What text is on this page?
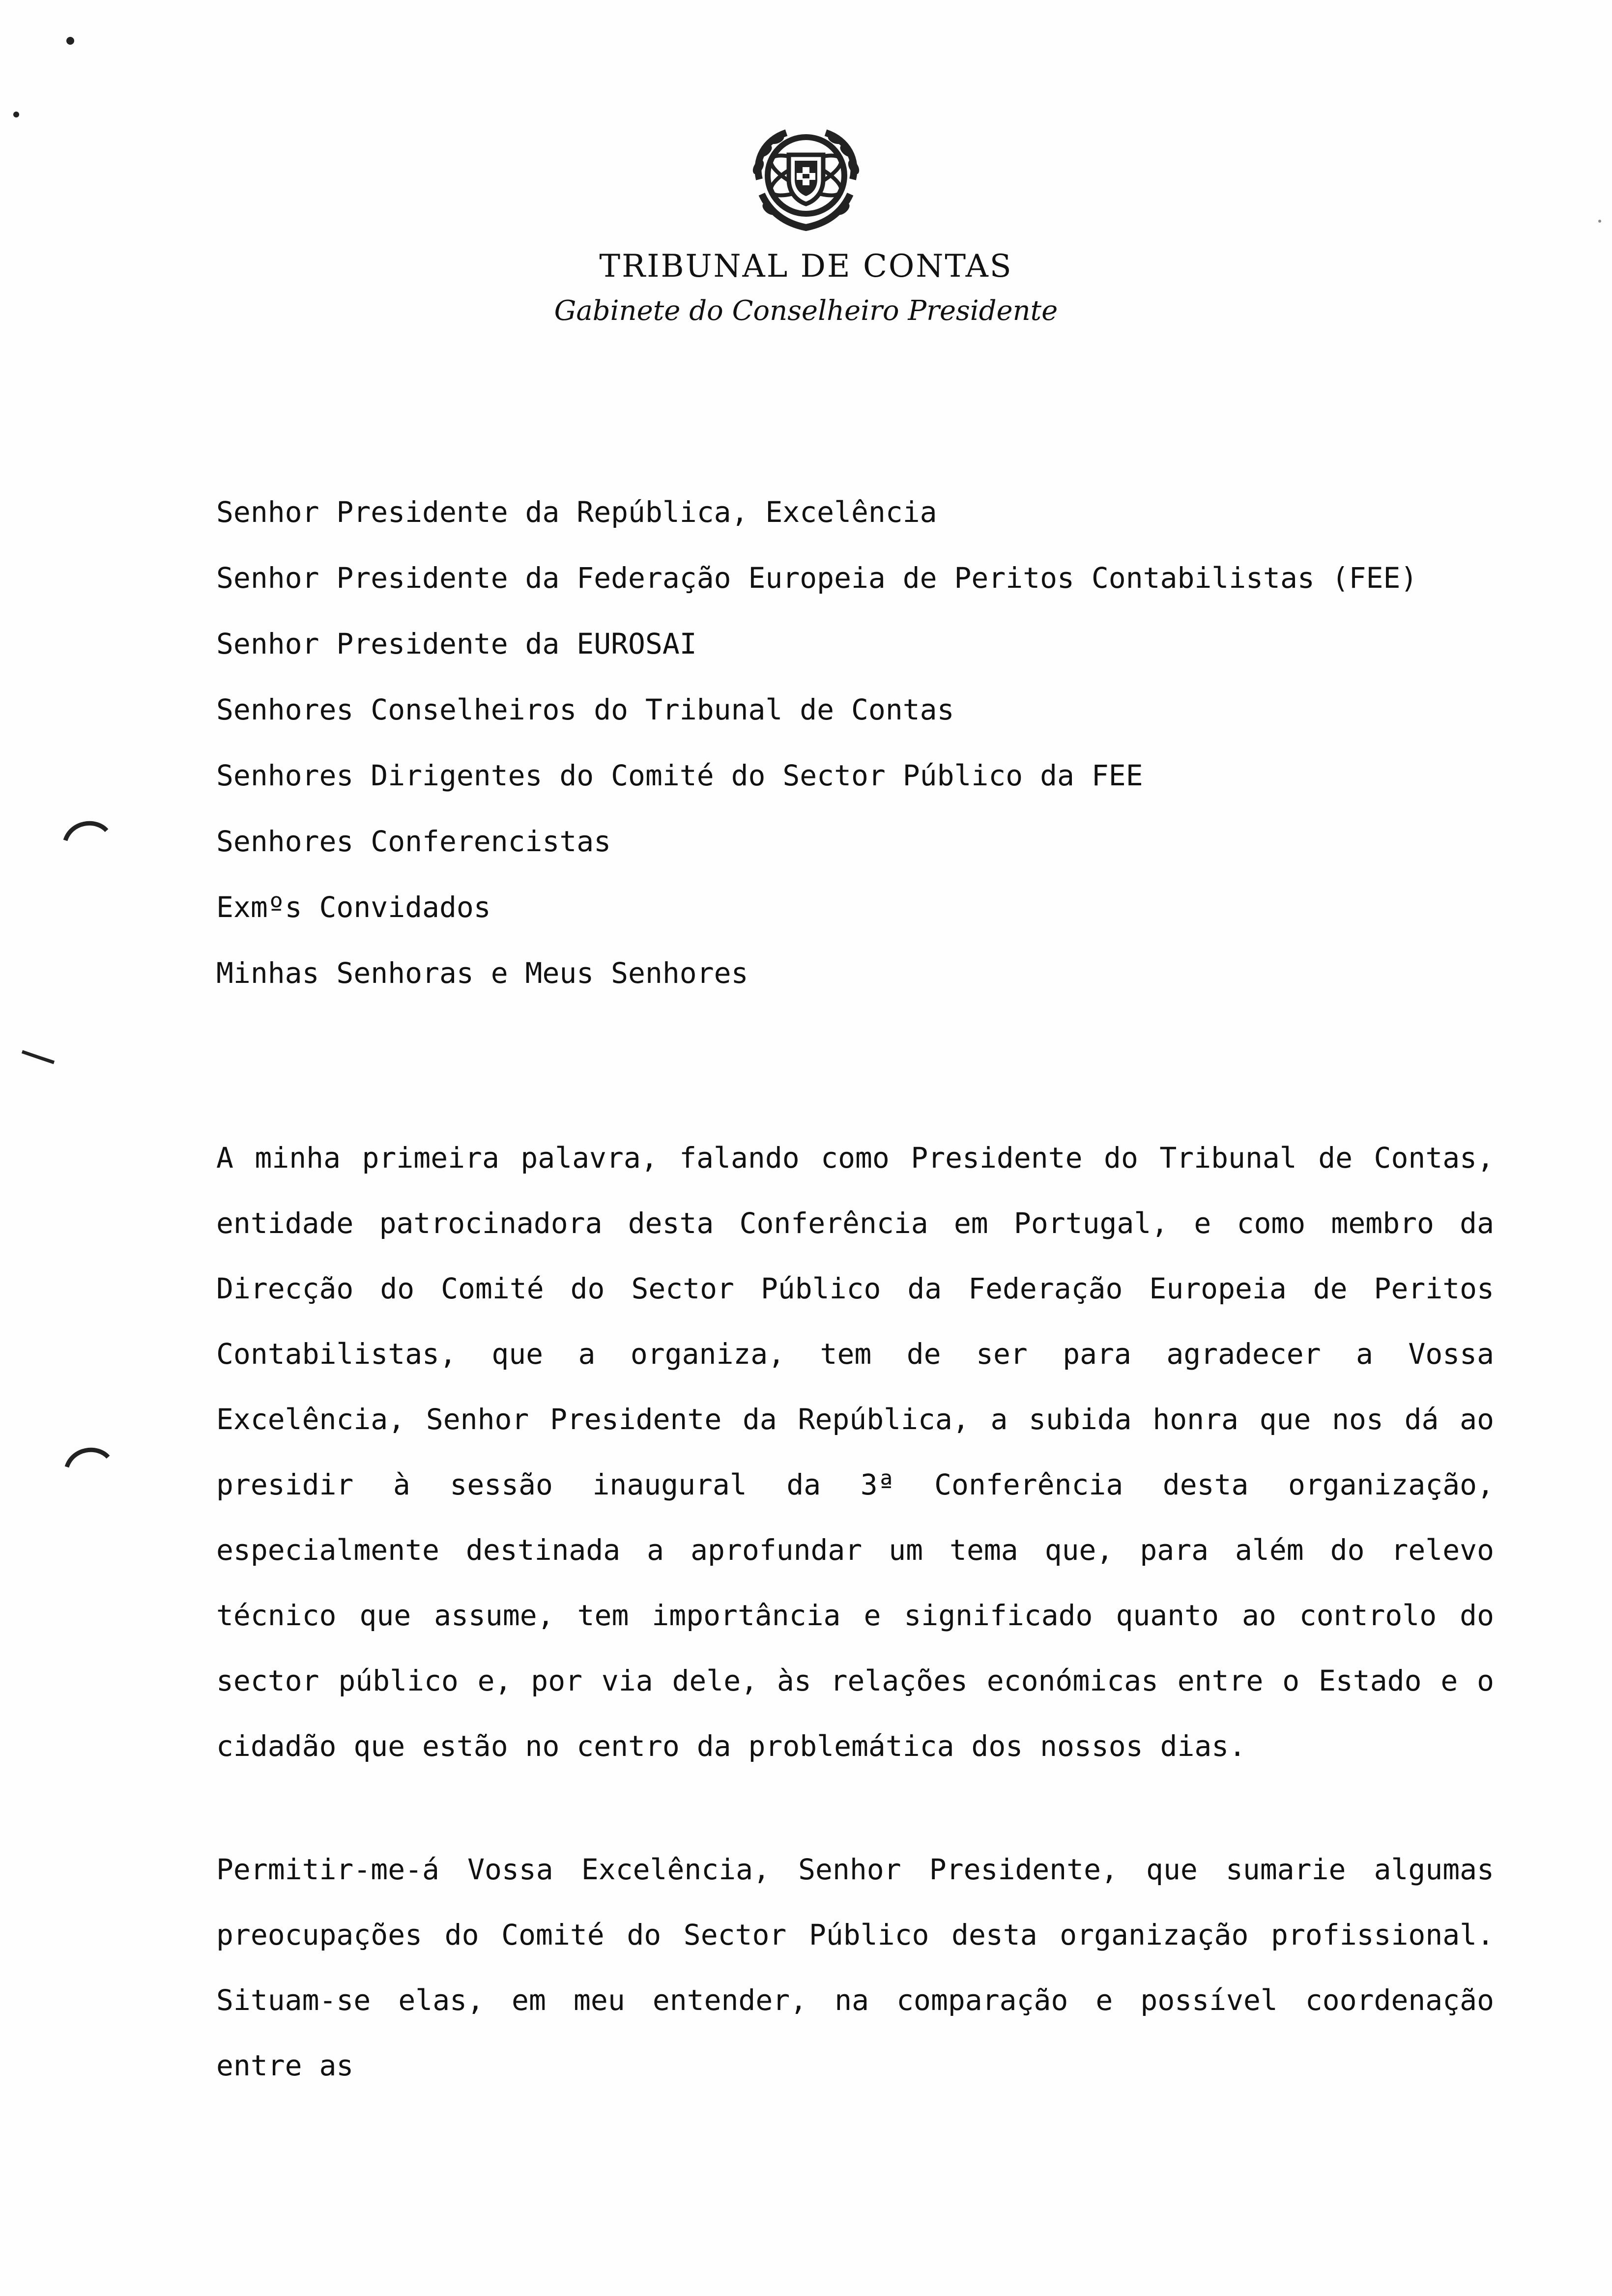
TRIBUNAL DE CONTAS
Gabinete do Conselheiro Presidente
Senhor Presidente da República, Excelência
Senhor Presidente da Federação Europeia de Peritos Contabilistas (FEE)
Senhor Presidente da EUROSAI
Senhores Conselheiros do Tribunal de Contas
Senhores Dirigentes do Comité do Sector Público da FEE
Senhores Conferencistas
Exmºs Convidados
Minhas Senhoras e Meus Senhores
A minha primeira palavra, falando como Presidente do Tribunal de Contas, entidade patrocinadora desta Conferência em Portugal, e como membro da Direcção do Comité do Sector Público da Federação Europeia de Peritos Contabilistas, que a organiza, tem de ser para agradecer a Vossa Excelência, Senhor Presidente da República, a subida honra que nos dá ao presidir à sessão inaugural da 3ª Conferência desta organização, especialmente destinada a aprofundar um tema que, para além do relevo técnico que assume, tem importância e significado quanto ao controlo do sector público e, por via dele, às relações económicas entre o Estado e o cidadão que estão no centro da problemática dos nossos dias.
Permitir-me-á Vossa Excelência, Senhor Presidente, que sumarie algumas preocupações do Comité do Sector Público desta organização profissional. Situam-se elas, em meu entender, na comparação e possível coordenação entre as
